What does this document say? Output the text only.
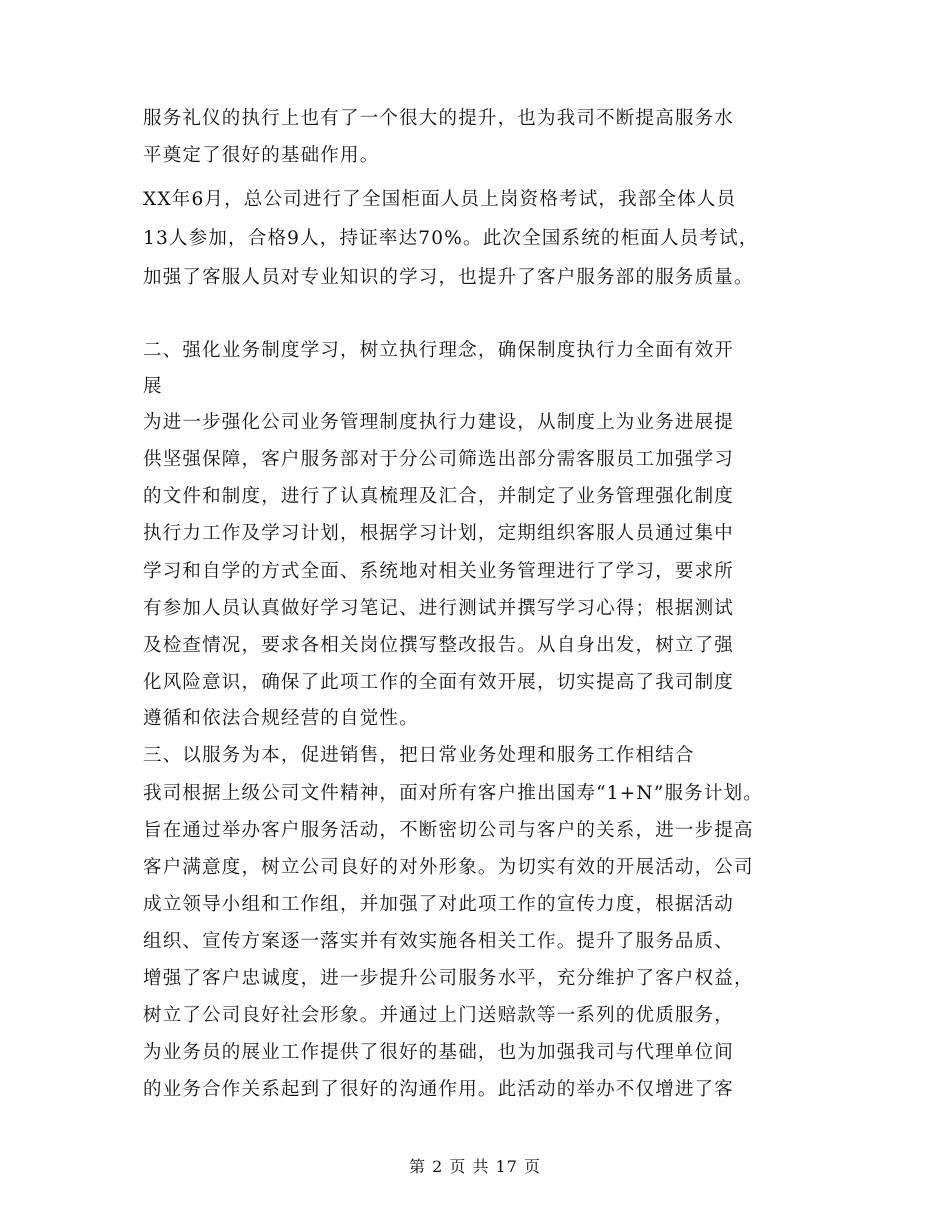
服务礼仪的执行上也有了一个很大的提升，也为我司不断提高服务水
平奠定了很好的基础作用。
XX年6月，总公司进行了全国柜面人员上岗资格考试，我部全体人员
13人参加，合格9人，持证率达70%。此次全国系统的柜面人员考试，
加强了客服人员对专业知识的学习，也提升了客户服务部的服务质量。
二、强化业务制度学习，树立执行理念，确保制度执行力全面有效开
展
为进一步强化公司业务管理制度执行力建设，从制度上为业务进展提
供坚强保障，客户服务部对于分公司筛选出部分需客服员工加强学习
的文件和制度，进行了认真梳理及汇合，并制定了业务管理强化制度
执行力工作及学习计划，根据学习计划，定期组织客服人员通过集中
学习和自学的方式全面、系统地对相关业务管理进行了学习，要求所
有参加人员认真做好学习笔记、进行测试并撰写学习心得；根据测试
及检查情况，要求各相关岗位撰写整改报告。从自身出发，树立了强
化风险意识，确保了此项工作的全面有效开展，切实提高了我司制度
遵循和依法合规经营的自觉性。
三、以服务为本，促进销售，把日常业务处理和服务工作相结合
我司根据上级公司文件精神，面对所有客户推出国寿“1+N”服务计划。
旨在通过举办客户服务活动，不断密切公司与客户的关系，进一步提高
客户满意度，树立公司良好的对外形象。为切实有效的开展活动，公司
成立领导小组和工作组，并加强了对此项工作的宣传力度，根据活动
组织、宣传方案逐一落实并有效实施各相关工作。提升了服务品质、
增强了客户忠诚度，进一步提升公司服务水平，充分维护了客户权益，
树立了公司良好社会形象。并通过上门送赔款等一系列的优质服务，
为业务员的展业工作提供了很好的基础，也为加强我司与代理单位间
的业务合作关系起到了很好的沟通作用。此活动的举办不仅增进了客
第 2 页 共 17 页
